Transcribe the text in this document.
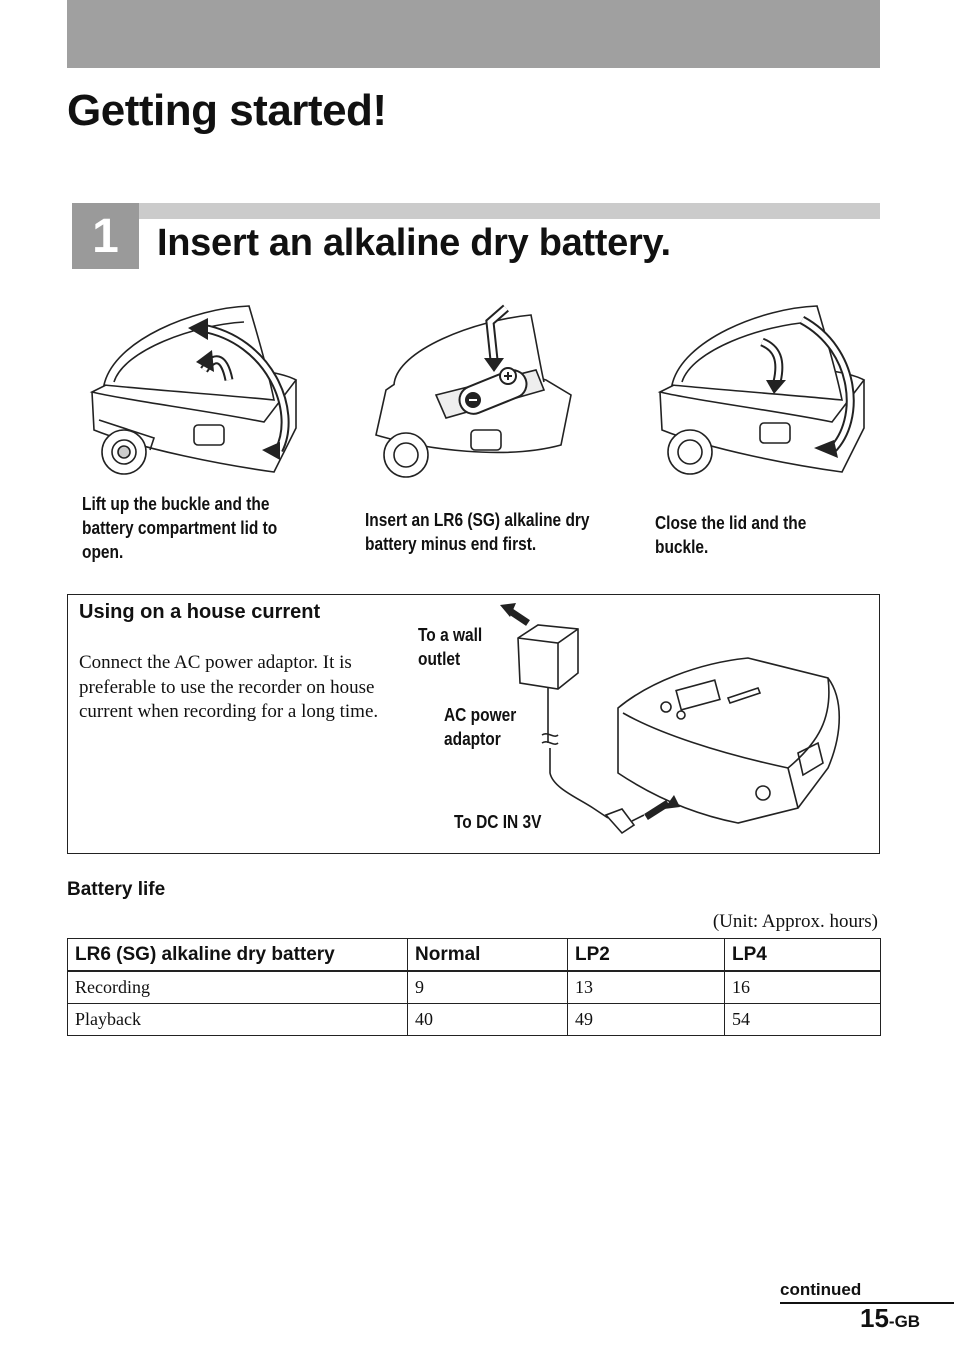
Getting started!
1	Insert an alkaline dry battery.
Lift up the buckle and the battery compartment lid to open.
Insert an LR6 (SG) alkaline dry battery minus end first.
Close the lid and the buckle.
Using on a house current
Connect the AC power adaptor. It is preferable to use the recorder on house current when recording for a long time.
To a wall outlet
AC power adaptor
To DC IN 3V
Battery life
(Unit: Approx. hours)
LR6 (SG) alkaline dry battery	Normal	LP2	LP4
Recording	9	13	16
Playback	40	49	54
continued
15-GB
